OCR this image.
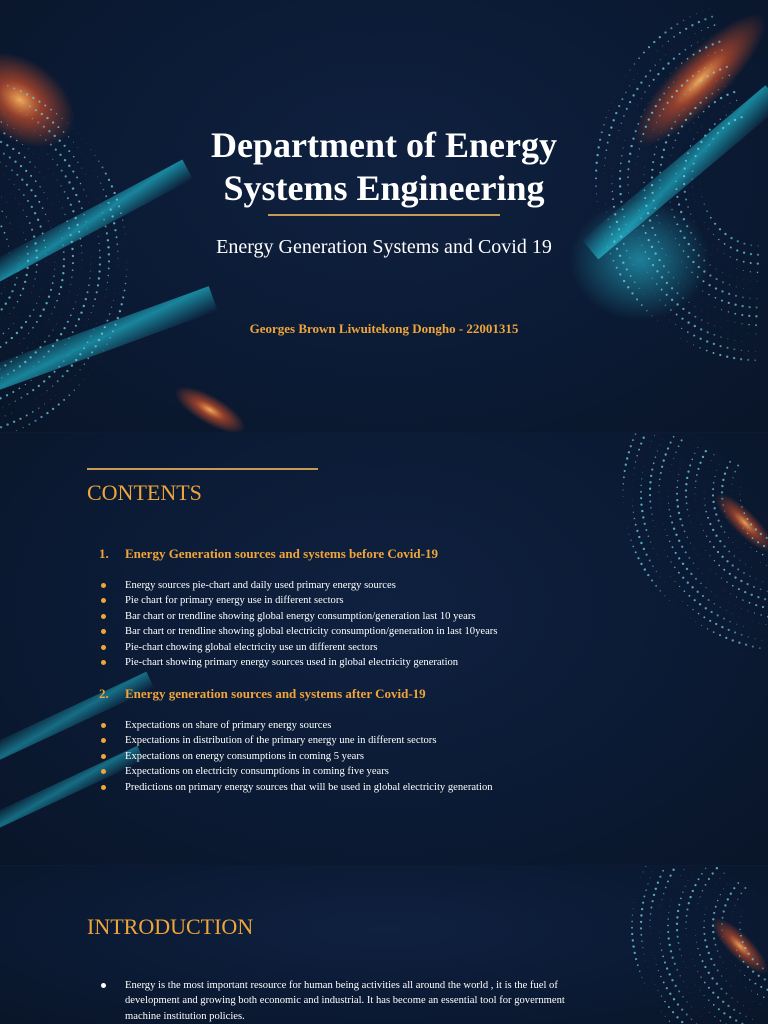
Department of Energy
Systems Engineering
Energy Generation Systems and Covid 19
Georges Brown Liwuitekong Dongho - 22001315
CONTENTS
1. Energy Generation sources and systems before Covid-19
Energy sources pie-chart and daily used primary energy sources
Pie chart for primary energy use in different sectors
Bar chart or trendline showing global energy consumption/generation last 10 years
Bar chart or trendline showing global electricity consumption/generation in last 10years
Pie-chart chowing global electricity use un different sectors
Pie-chart showing primary energy sources used in global electricity generation
2. Energy generation sources and systems after Covid-19
Expectations on share of primary energy sources
Expectations in distribution of the primary energy une in different sectors
Expectations on energy consumptions in coming 5 years
Expectations on electricity consumptions in coming five years
Predictions on primary energy sources that will be used in global electricity generation
INTRODUCTION

Energy is the most important resource for human being activities all around the world , it is the fuel of
development and growing both economic and industrial. It has become an essential tool for government
machine institution policies.
